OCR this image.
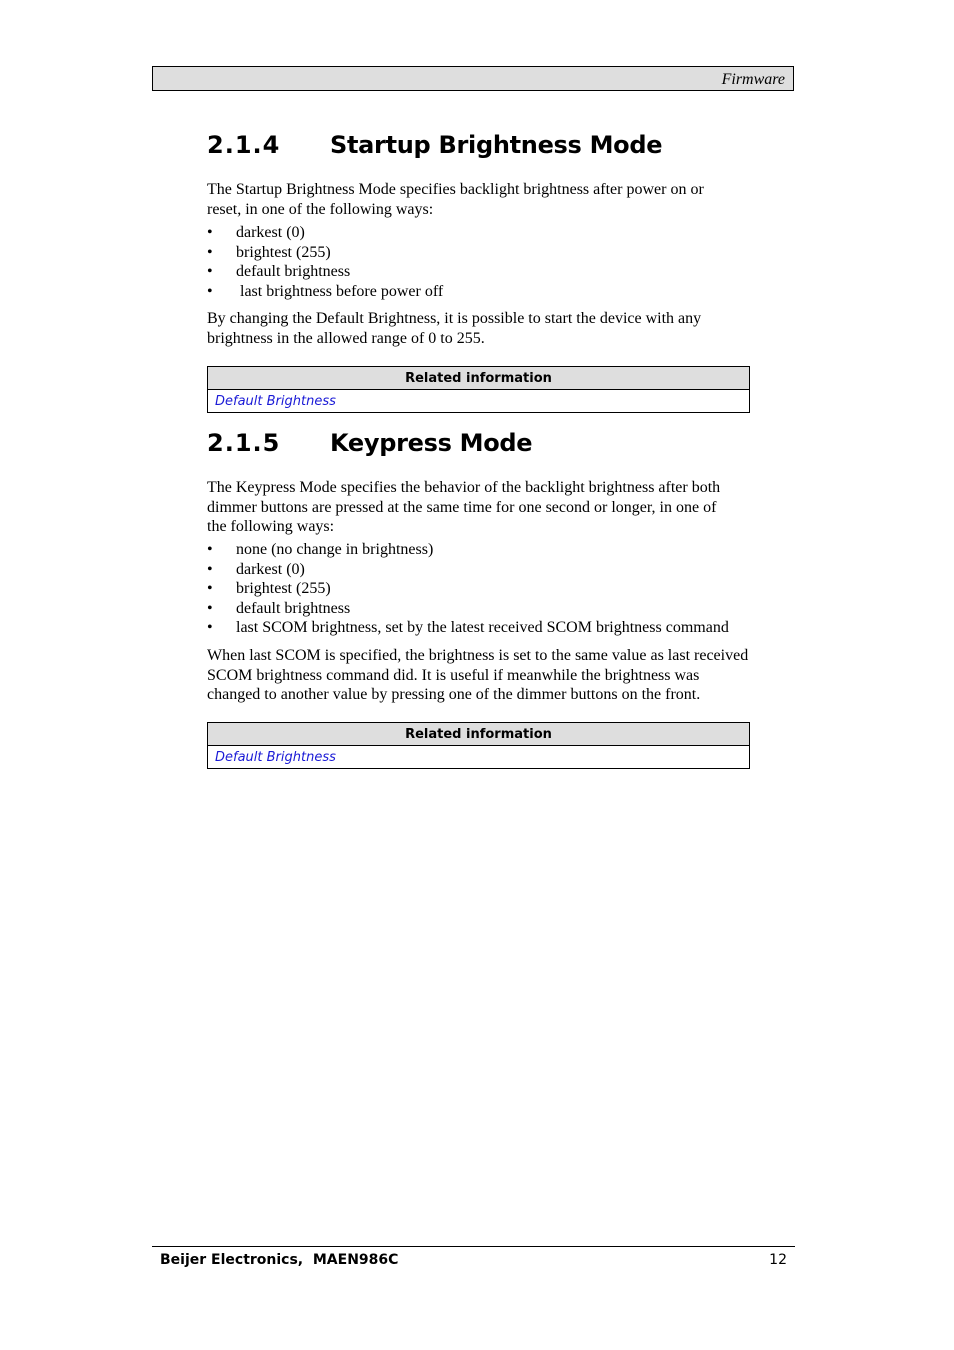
Firmware
2.1.4 Startup Brightness Mode

The Startup Brightness Mode specifies backlight brightness after power on or reset, in one of the following ways:

• darkest (0)
• brightest (255)
• default brightness
• last brightness before power off

By changing the Default Brightness, it is possible to start the device with any brightness in the allowed range of 0 to 255.

Related information
Default Brightness
2.1.5 Keypress Mode

The Keypress Mode specifies the behavior of the backlight brightness after both dimmer buttons are pressed at the same time for one second or longer, in one of the following ways:

• none (no change in brightness)
• darkest (0)
• brightest (255)
• default brightness
• last SCOM brightness, set by the latest received SCOM brightness command

When last SCOM is specified, the brightness is set to the same value as last received SCOM brightness command did. It is useful if meanwhile the brightness was changed to another value by pressing one of the dimmer buttons on the front.

Related information
Default Brightness
Beijer Electronics,  MAEN986C	12
